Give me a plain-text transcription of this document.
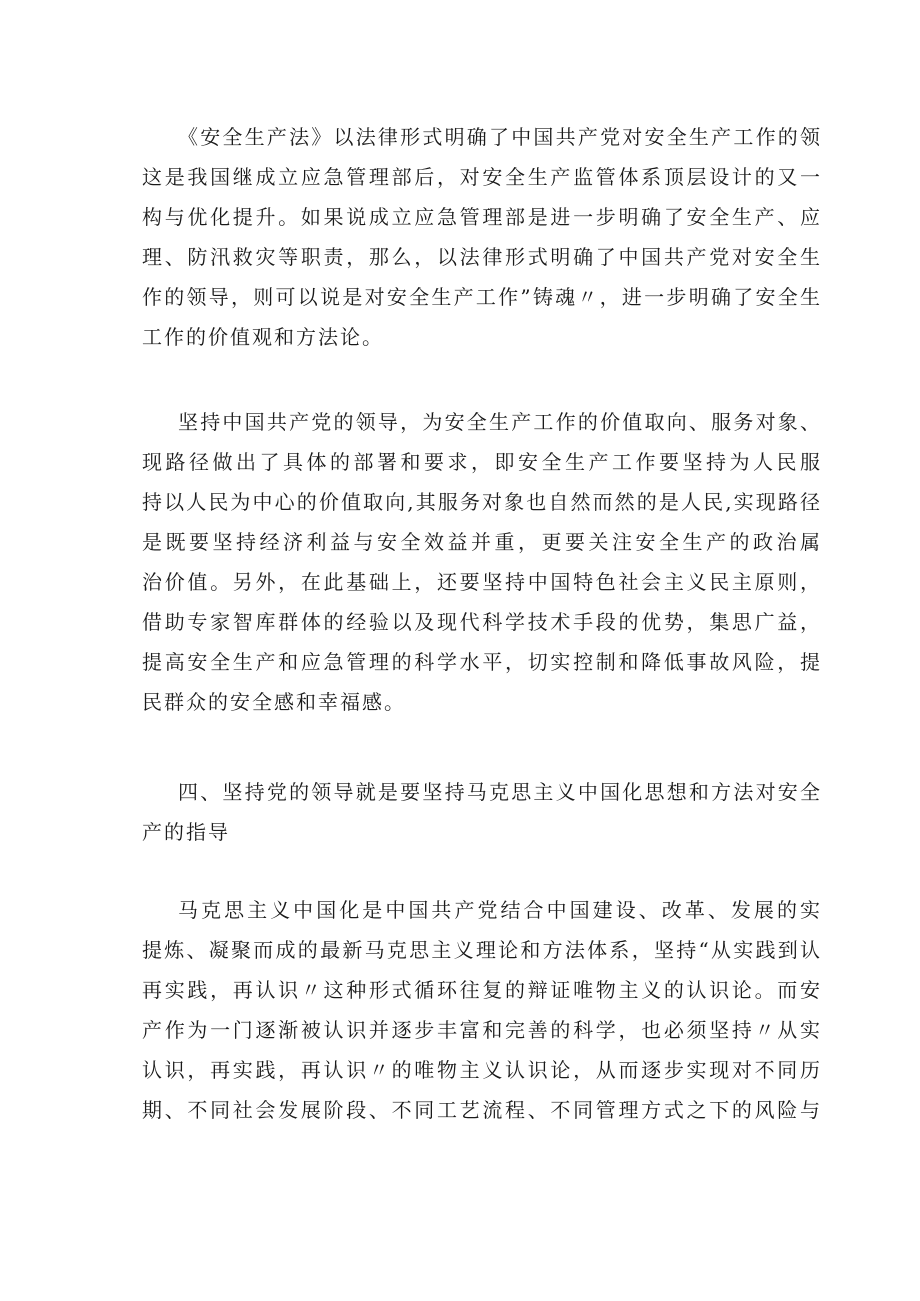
《安全生产法》以法律形式明确了中国共产党对安全生产工作的领
这是我国继成立应急管理部后，对安全生产监管体系顶层设计的又一
构与优化提升。如果说成立应急管理部是进一步明确了安全生产、应
理、防汛救灾等职责，那么，以法律形式明确了中国共产党对安全生
作的领导，则可以说是对安全生产工作”铸魂〃，进一步明确了安全生
工作的价值观和方法论。
坚持中国共产党的领导，为安全生产工作的价值取向、服务对象、
现路径做出了具体的部署和要求，即安全生产工作要坚持为人民服
持以人民为中心的价值取向,其服务对象也自然而然的是人民,实现路径
是既要坚持经济利益与安全效益并重，更要关注安全生产的政治属
治价值。另外，在此基础上，还要坚持中国特色社会主义民主原则，
借助专家智库群体的经验以及现代科学技术手段的优势，集思广益，
提高安全生产和应急管理的科学水平，切实控制和降低事故风险，提
民群众的安全感和幸福感。
四、坚持党的领导就是要坚持马克思主义中国化思想和方法对安全
产的指导
马克思主义中国化是中国共产党结合中国建设、改革、发展的实
提炼、凝聚而成的最新马克思主义理论和方法体系，坚持“从实践到认
再实践，再认识〃这种形式循环往复的辩证唯物主义的认识论。而安
产作为一门逐渐被认识并逐步丰富和完善的科学，也必须坚持〃从实
认识，再实践，再认识〃的唯物主义认识论，从而逐步实现对不同历
期、不同社会发展阶段、不同工艺流程、不同管理方式之下的风险与
